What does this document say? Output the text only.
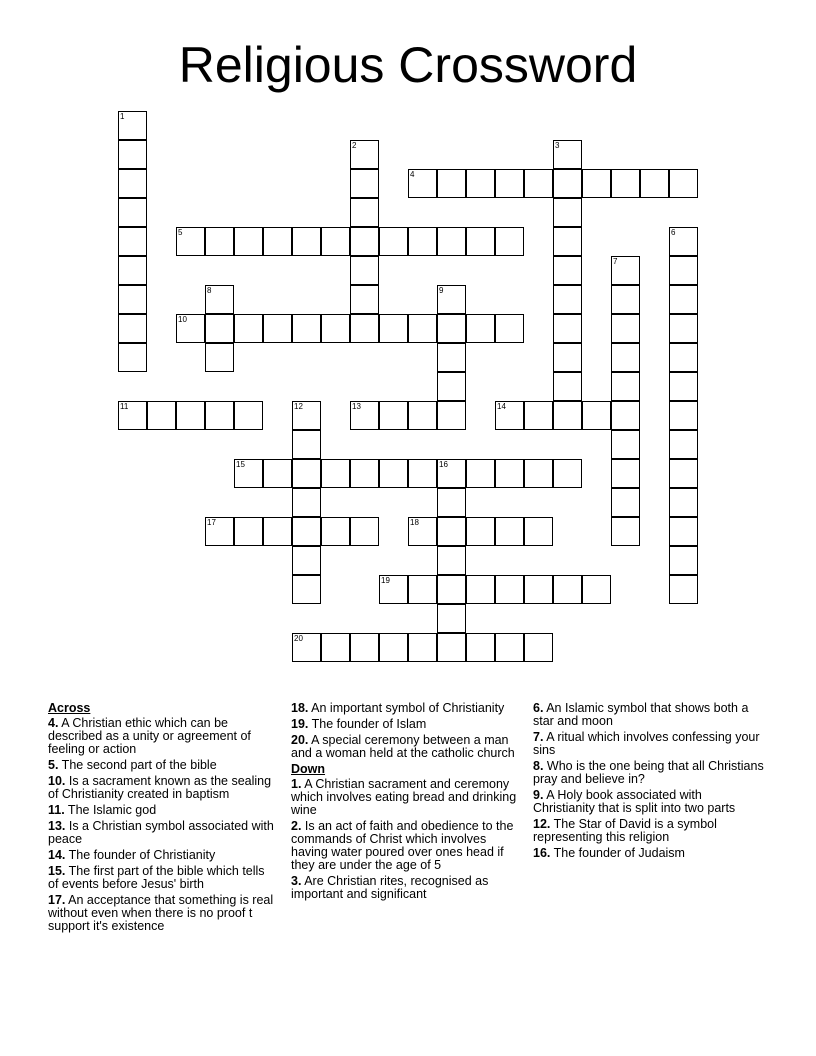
Religious Crossword
1
2	3
4
5	6
7
8	9
10
11	12	13	14
15	16
17	18
19
20
Across
4. A Christian ethic which can be described as a unity or agreement of feeling or action
5. The second part of the bible
10. Is a sacrament known as the sealing of Christianity created in baptism
11. The Islamic god
13. Is a Christian symbol associated with peace
14. The founder of Christianity
15. The first part of the bible which tells of events before Jesus' birth
17. An acceptance that something is real without even when there is no proof t support it's existence
18. An important symbol of Christianity
19. The founder of Islam
20. A special ceremony between a man and a woman held at the catholic church
Down
1. A Christian sacrament and ceremony which involves eating bread and drinking wine
2. Is an act of faith and obedience to the commands of Christ which involves having water poured over ones head if they are under the age of 5
3. Are Christian rites, recognised as important and significant
6. An Islamic symbol that shows both a star and moon
7. A ritual which involves confessing your sins
8. Who is the one being that all Christians pray and believe in?
9. A Holy book associated with Christianity that is split into two parts
12. The Star of David is a symbol representing this religion
16. The founder of Judaism
